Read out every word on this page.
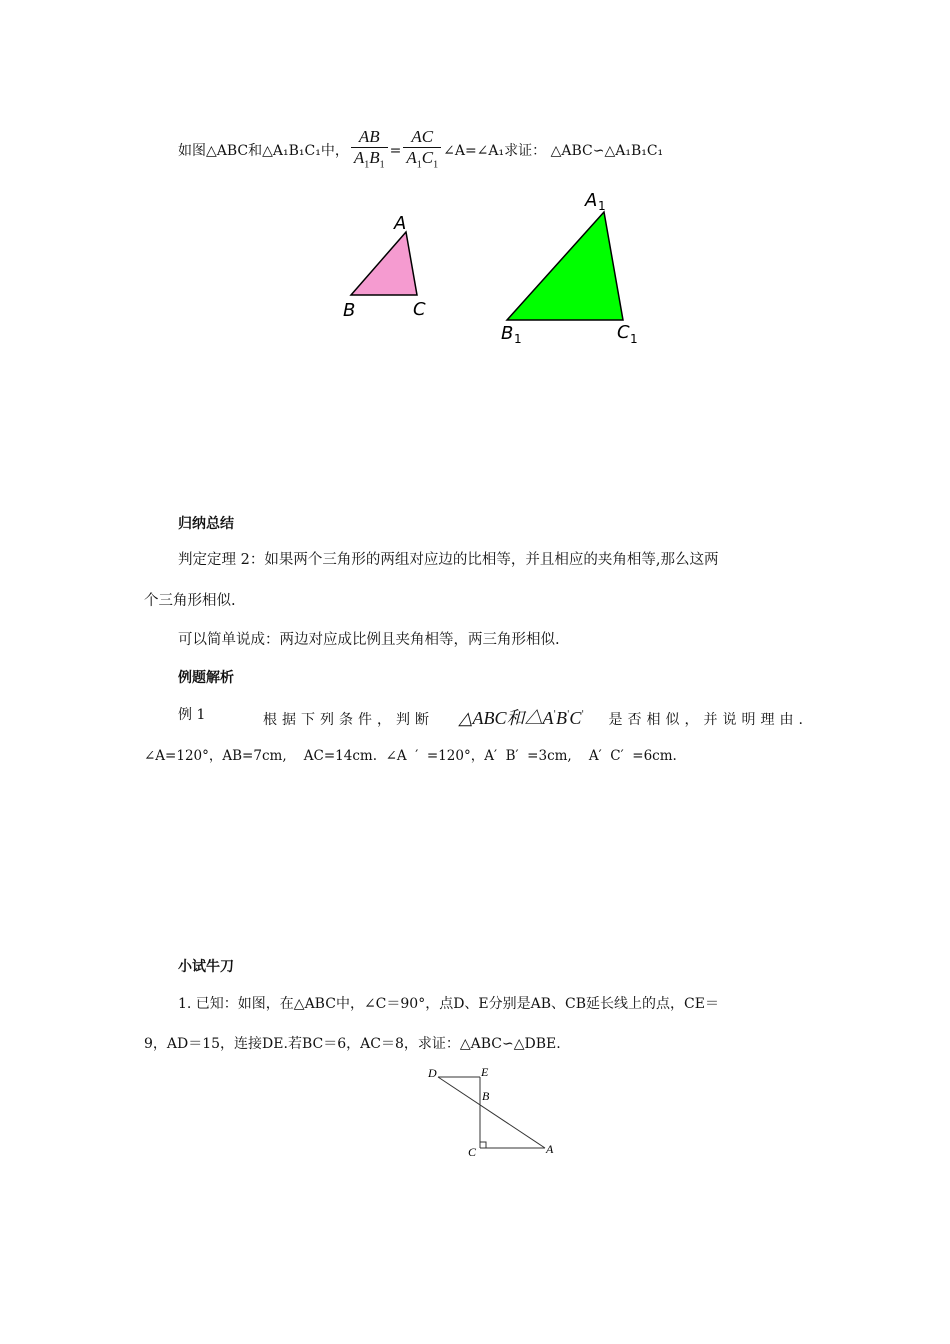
如图△ABC和△A₁B₁C₁中， $\frac{AB}{A_1B_1} = \frac{AC}{A_1C_1}$ ∠A=∠A₁求证： △ABC∽△A₁B₁C₁
A
B	C
A 1
B 1	C 1
归纳总结
判定定理 2：如果两个三角形的两组对应边的比相等，并且相应的夹角相等,那么这两
个三角形相似.
可以简单说成：两边对应成比例且夹角相等，两三角形相似.
例题解析
例 1	根据下列条件，判断 △ABC和△A'B'C' 是否相似，并说明理由.
∠A=120°，AB=7cm,    AC=14cm.  ∠A  ′  =120°，A′  B′  =3cm,    A′  C′  =6cm.
小试牛刀
1. 已知：如图，在△ABC中，∠C＝90°，点D、E分别是AB、CB延长线上的点，CE＝
9，AD＝15，连接DE.若BC＝6，AC＝8，求证：△ABC∽△DBE.
D	E
B
C	A
